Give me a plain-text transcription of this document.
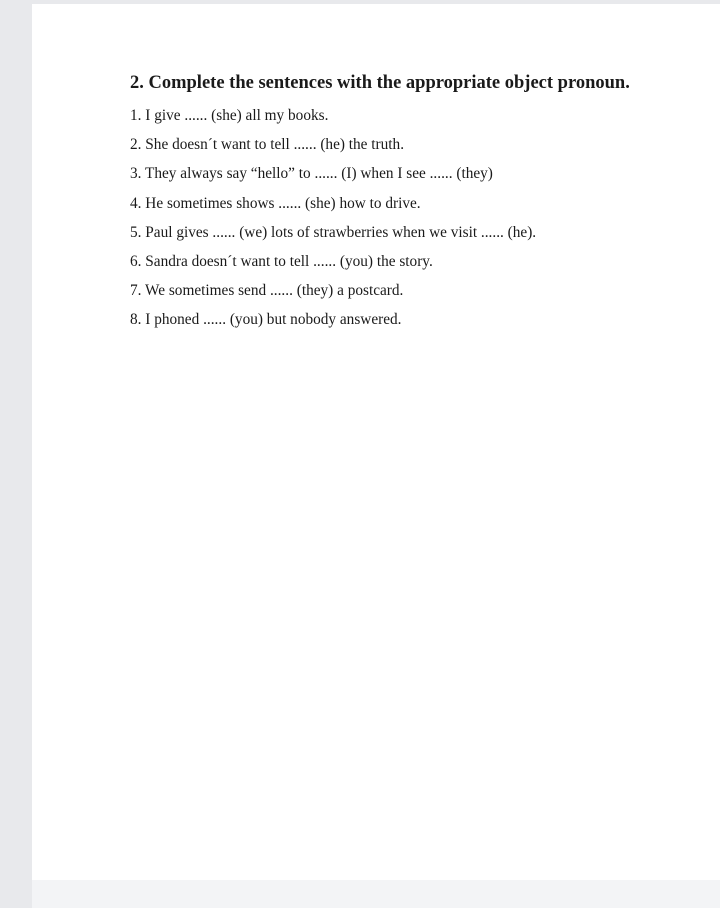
2. Complete the sentences with the appropriate object pronoun.
1. I give ...... (she) all my books.
2. She doesn´t want to tell ...... (he) the truth.
3. They always say “hello” to ...... (I) when I see ...... (they)
4. He sometimes shows ...... (she) how to drive.
5. Paul gives ...... (we) lots of strawberries when we visit ...... (he).
6. Sandra doesn´t want to tell ...... (you) the story.
7. We sometimes send ...... (they) a postcard.
8. I phoned ...... (you) but nobody answered.
